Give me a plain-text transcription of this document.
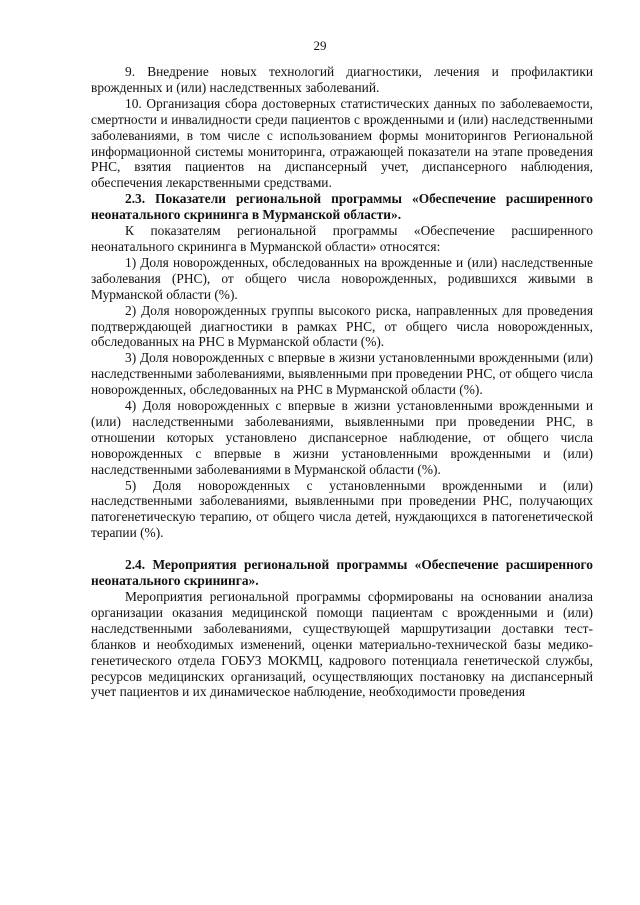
29

9. Внедрение новых технологий диагностики, лечения и профилактики врожденных и (или) наследственных заболеваний.

10. Организация сбора достоверных статистических данных по заболеваемости, смертности и инвалидности среди пациентов с врожденными и (или) наследственными заболеваниями, в том числе с использованием формы мониторингов Региональной информационной системы мониторинга, отражающей показатели на этапе проведения РНС, взятия пациентов на диспансерный учет, диспансерного наблюдения, обеспечения лекарственными средствами.

2.3. Показатели региональной программы «Обеспечение расширенного неонатального скрининга в Мурманской области».

К показателям региональной программы «Обеспечение расширенного неонатального скрининга в Мурманской области» относятся:

1) Доля новорожденных, обследованных на врожденные и (или) наследственные заболевания (РНС), от общего числа новорожденных, родившихся живыми в Мурманской области (%).

2) Доля новорожденных группы высокого риска, направленных для проведения подтверждающей диагностики в рамках РНС, от общего числа новорожденных, обследованных на РНС в Мурманской области (%).

3) Доля новорожденных с впервые в жизни установленными врожденными (или) наследственными заболеваниями, выявленными при проведении РНС, от общего числа новорожденных, обследованных на РНС в Мурманской области (%).

4) Доля новорожденных с впервые в жизни установленными врожденными и (или) наследственными заболеваниями, выявленными при проведении РНС, в отношении которых установлено диспансерное наблюдение, от общего числа новорожденных с впервые в жизни установленными врожденными и (или) наследственными заболеваниями в Мурманской области (%).

5) Доля новорожденных с установленными врожденными и (или) наследственными заболеваниями, выявленными при проведении РНС, получающих патогенетическую терапию, от общего числа детей, нуждающихся в патогенетической терапии (%).

2.4. Мероприятия региональной программы «Обеспечение расширенного неонатального скрининга».

Мероприятия региональной программы сформированы на основании анализа организации оказания медицинской помощи пациентам с врожденными и (или) наследственными заболеваниями, существующей маршрутизации доставки тест-бланков и необходимых изменений, оценки материально-технической базы медико-генетического отдела ГОБУЗ МОКМЦ, кадрового потенциала генетической службы, ресурсов медицинских организаций, осуществляющих постановку на диспансерный учет пациентов и их динамическое наблюдение, необходимости проведения
